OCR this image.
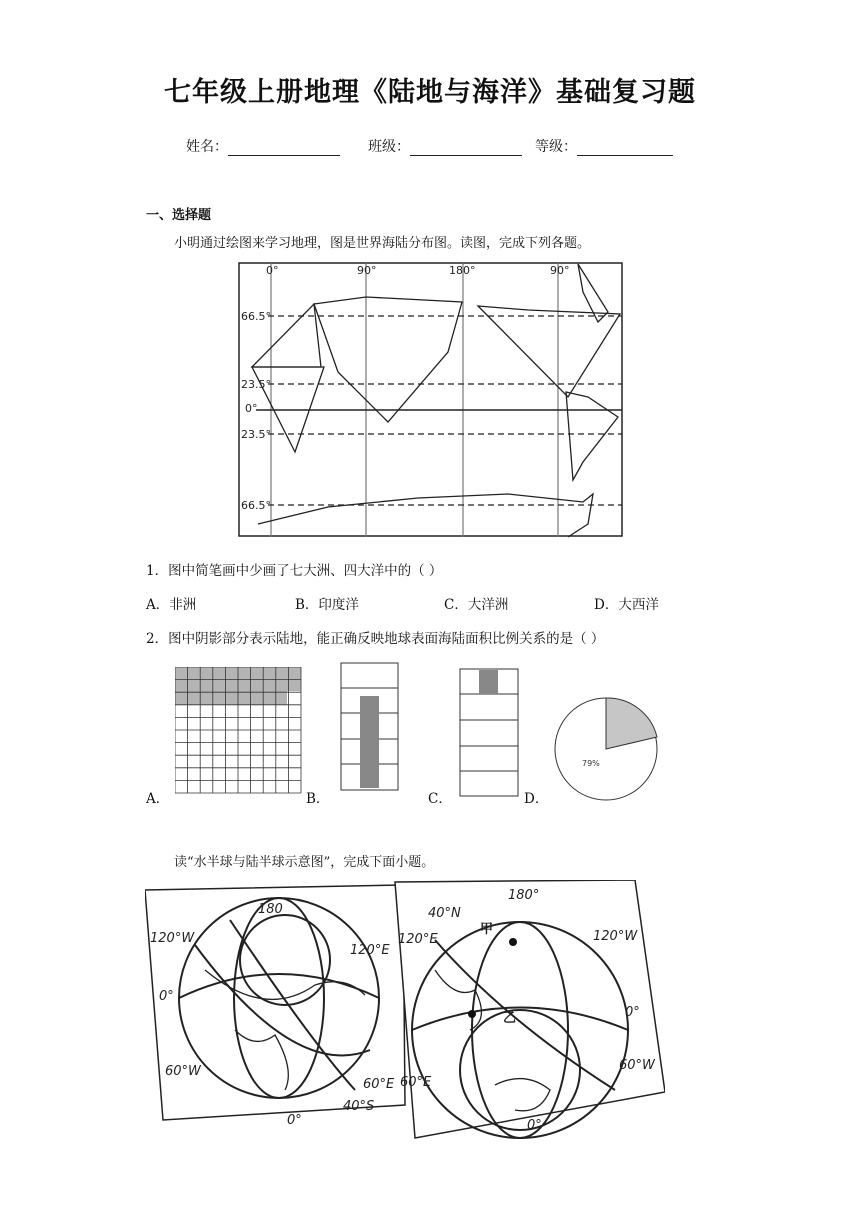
七年级上册地理《陆地与海洋》基础复习题
姓名：	班级：	等级：
一、选择题
小明通过绘图来学习地理，图是世界海陆分布图。读图，完成下列各题。
0°	90°	180°	90°
66.5°
23.5°
0°
23.5°
66.5°
1．图中简笔画中少画了七大洲、四大洋中的（ ）
A．非洲	B．印度洋	C．大洋洲	D．大西洋
2．图中阴影部分表示陆地，能正确反映地球表面海陆面积比例关系的是（ ）
A．	B．	C．
79%
D．
读“水半球与陆半球示意图”，完成下面小题。
180
120°W
120°E
0°
60°W
60°E
40°S
0°
180°
40°N
120°E	120°W
甲
乙	0°
60°E
60°W
0°
